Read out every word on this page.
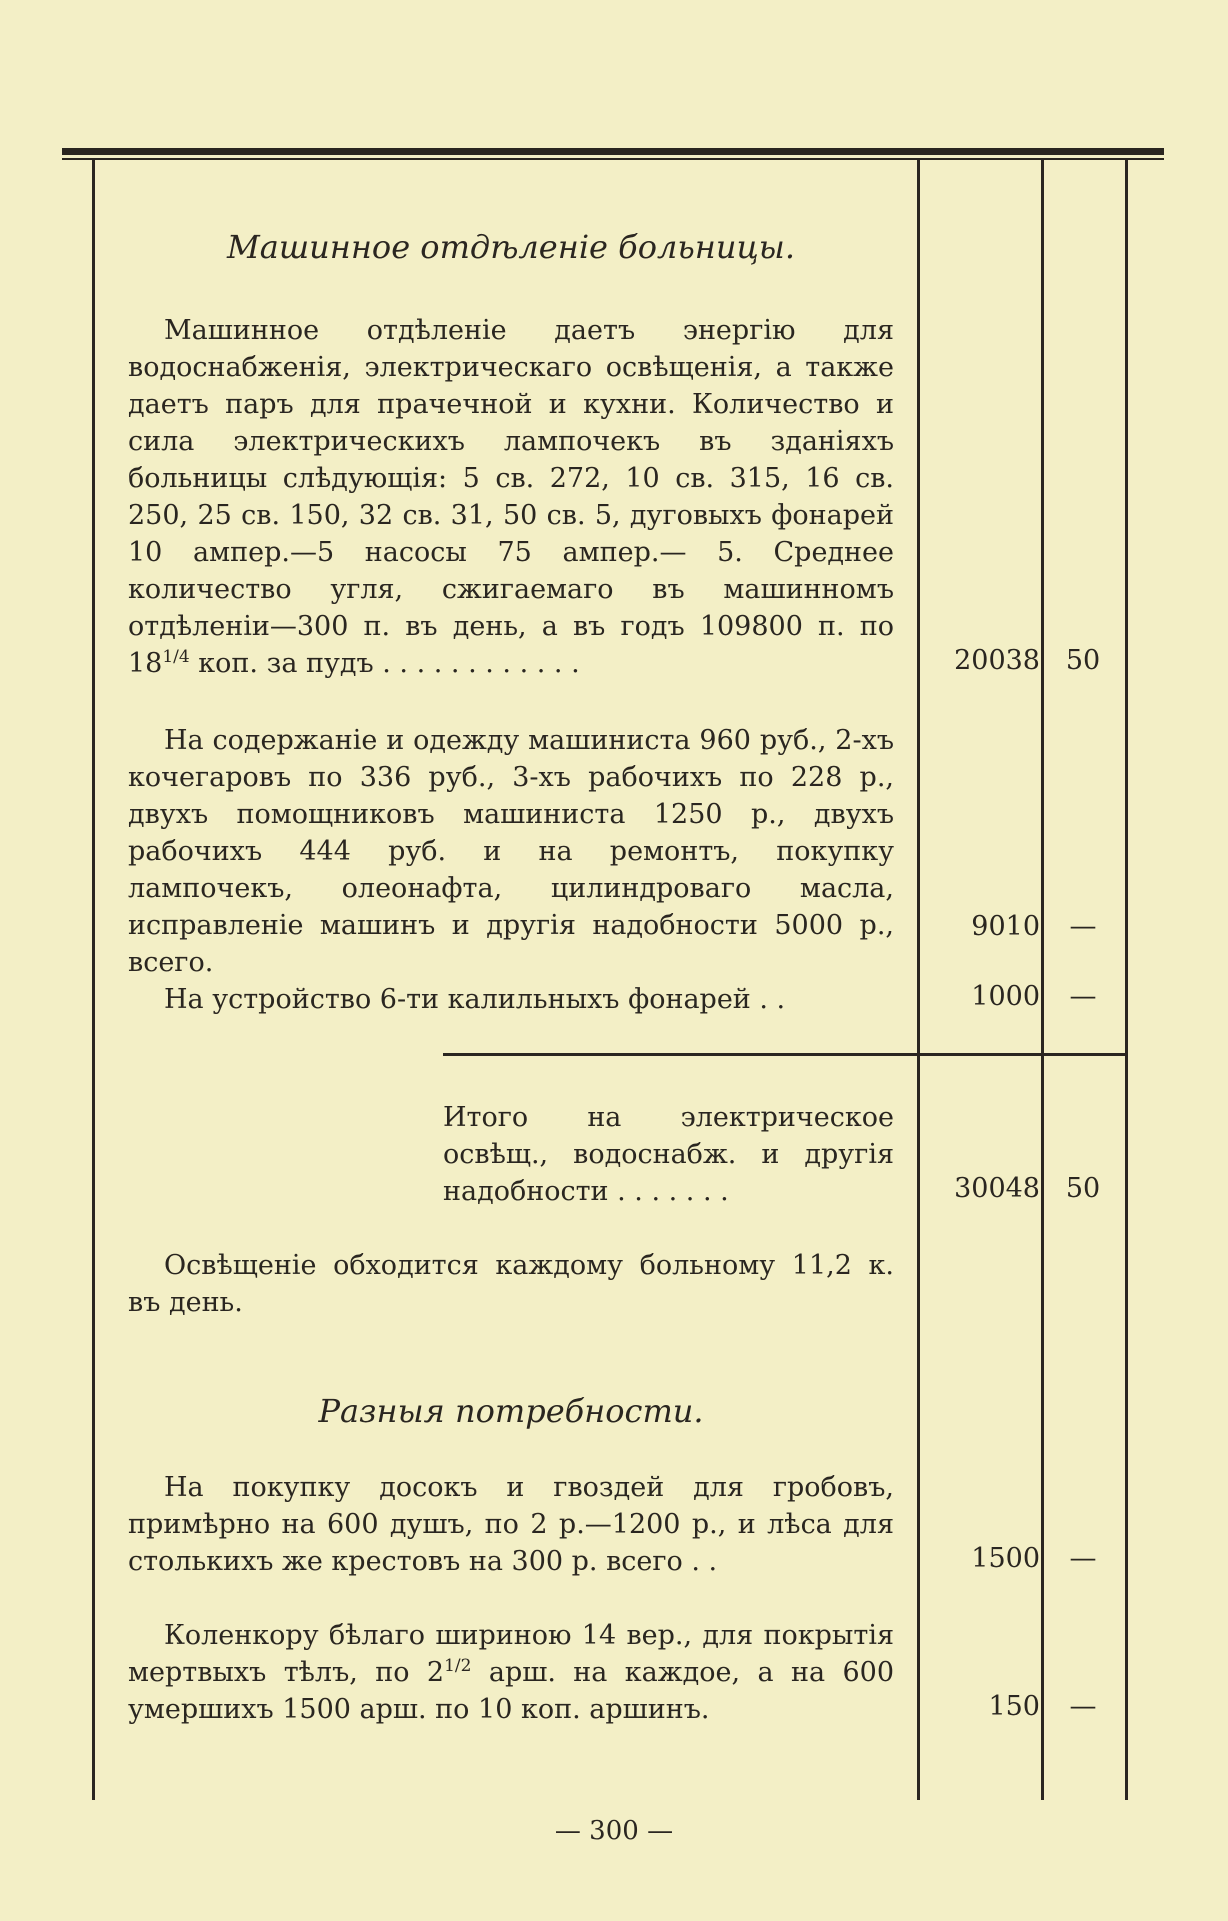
Машинное отдѣленіе больницы.
Машинное отдѣленіе даетъ энергію для водоснабженія, электрическаго освѣщенія, а также даетъ паръ для прачечной и кухни. Количество и сила электрическихъ лампочекъ въ зданіяхъ больницы слѣдующія: 5 св. 272, 10 св. 315, 16 св. 250, 25 св. 150, 32 св. 31, 50 св. 5, дуговыхъ фонарей 10 ампер.—5 насосы 75 ампер.— 5. Среднее количество угля, сжигаемаго въ машинномъ отдѣленіи—300 п. въ день, а въ годъ 109800 п. по $18^{1/4}$ коп. за пудъ . . . . . . . . . . . .	20038 50
На содержаніе и одежду машиниста 960 руб., 2-хъ кочегаровъ по 336 руб., 3-хъ рабочихъ по 228 р., двухъ помощниковъ машиниста 1250 р., двухъ рабочихъ 444 руб. и на ремонтъ, покупку лампочекъ, олеонафта, цилиндроваго масла, исправленіе машинъ и другія надобности 5000 р., всего.
9010	—
На устройство 6-ти калильныхъ фонарей . .	1000	—
Итого на электрическое освѣщ., водоснабж. и другія надобности . . . . . . .	30048 50
Освѣщеніе обходится каждому больному 11,2 к. въ день.
Разныя потребности.
На покупку досокъ и гвоздей для гробовъ, примѣрно на 600 душъ, по 2 р.—1200 р., и лѣса для столькихъ же крестовъ на 300 р. всего . .	1500	—
Коленкору бѣлаго шириною 14 вер., для покрытія мертвыхъ тѣлъ, по $2^{1/2}$ арш. на каждое, а на 600 умершихъ 1500 арш. по 10 коп. аршинъ.	150	—
— 300 —
